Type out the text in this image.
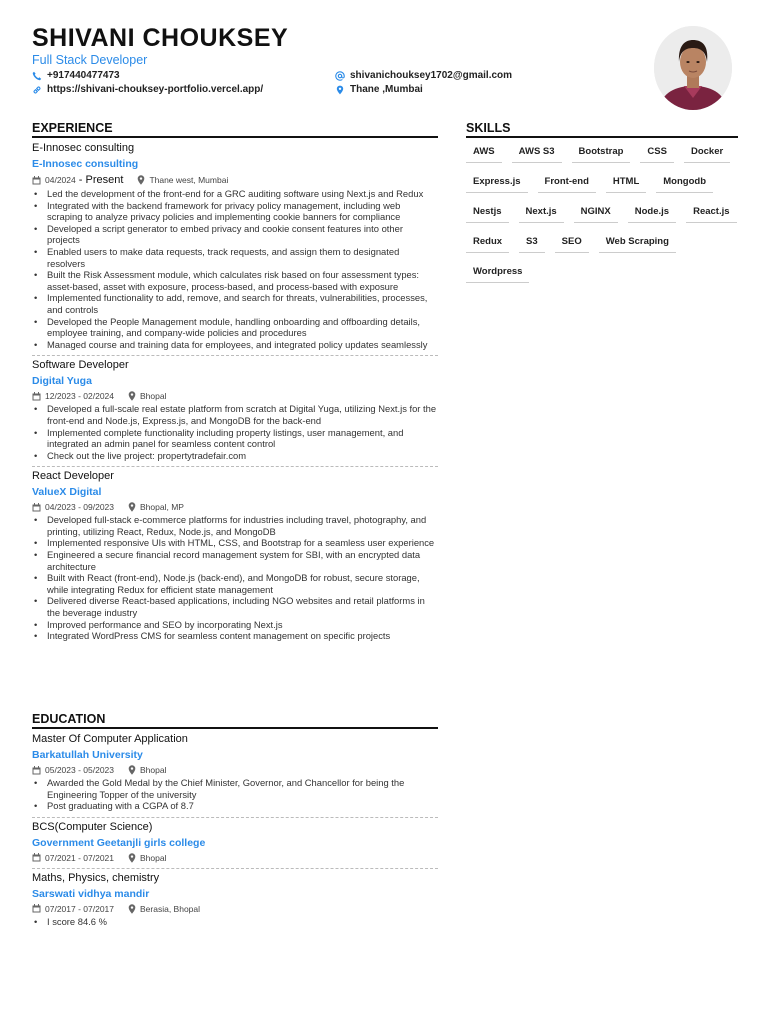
SHIVANI CHOUKSEY
Full Stack Developer
+917440477473
https://shivani-chouksey-portfolio.vercel.app/
shivanichouksey1702@gmail.com
Thane ,Mumbai
EXPERIENCE	SKILLS
E-Innosec consulting
E-Innosec consulting
04/2024 - Present	Thane west, Mumbai
• Led the development of the front-end for a GRC auditing software using Next.js and Redux
• Integrated with the backend framework for privacy policy management, including web scraping to analyze privacy policies and implementing cookie banners for compliance
• Developed a script generator to embed privacy and cookie consent features into other projects
• Enabled users to make data requests, track requests, and assign them to designated resolvers
• Built the Risk Assessment module, which calculates risk based on four assessment types: asset-based, asset with exposure, process-based, and process-based with exposure
• Implemented functionality to add, remove, and search for threats, vulnerabilities, processes, and controls
• Developed the People Management module, handling onboarding and offboarding details, employee training, and company-wide policies and procedures
• Managed course and training data for employees, and integrated policy updates seamlessly
Software Developer
Digital Yuga
12/2023 - 02/2024	Bhopal
• Developed a full-scale real estate platform from scratch at Digital Yuga, utilizing Next.js for the front-end and Node.js, Express.js, and MongoDB for the back-end
• Implemented complete functionality including property listings, user management, and integrated an admin panel for seamless content control
• Check out the live project: propertytradefair.com
React Developer
ValueX Digital
04/2023 - 09/2023	Bhopal, MP
• Developed full-stack e-commerce platforms for industries including travel, photography, and printing, utilizing React, Redux, Node.js, and MongoDB
• Implemented responsive UIs with HTML, CSS, and Bootstrap for a seamless user experience
• Engineered a secure financial record management system for SBI, with an encrypted data architecture
• Built with React (front-end), Node.js (back-end), and MongoDB for robust, secure storage, while integrating Redux for efficient state management
• Delivered diverse React-based applications, including NGO websites and retail platforms in the beverage industry
• Improved performance and SEO by incorporating Next.js
• Integrated WordPress CMS for seamless content management on specific projects
EDUCATION
Master Of Computer Application
Barkatullah University
05/2023 - 05/2023	Bhopal
• Awarded the Gold Medal by the Chief Minister, Governor, and Chancellor for being the Engineering Topper of the university
• Post graduating with a CGPA of 8.7
BCS(Computer Science)
Government Geetanjli girls college
07/2021 - 07/2021	Bhopal
Maths, Physics, chemistry
Sarswati vidhya mandir
07/2017 - 07/2017	Berasia, Bhopal
• I score 84.6 %
AWS	AWS S3	Bootstrap	CSS	Docker
Express.js	Front-end	HTML	Mongodb
Nestjs	Next.js	NGINX	Node.js	React.js
Redux	S3	SEO	Web Scraping
Wordpress
